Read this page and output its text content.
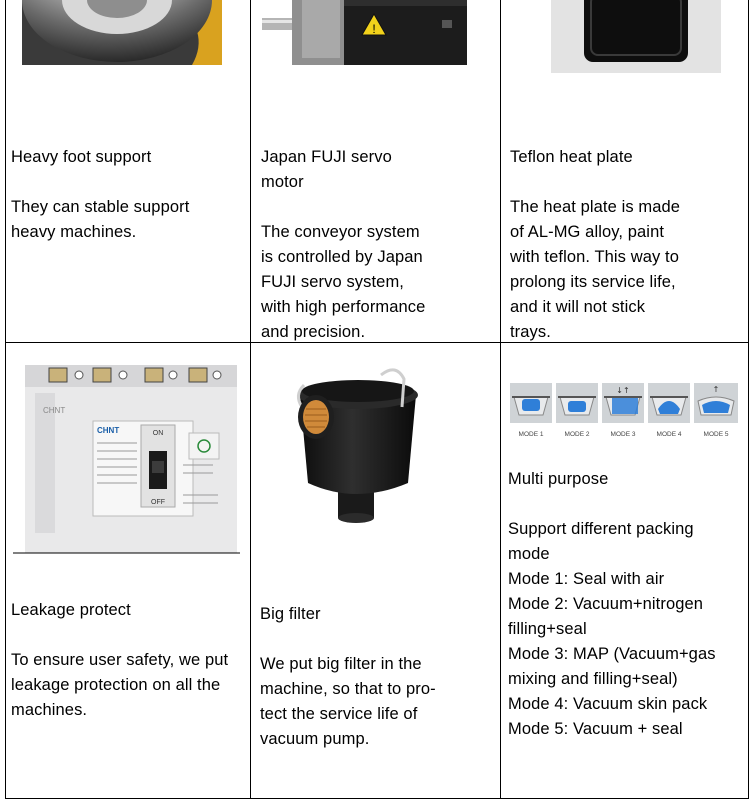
!

Heavy foot support

They can stable support
heavy machines.

Japan FUJI servo
motor

The conveyor system
is controlled by Japan
FUJI servo system,
with high performance
and precision.

Teflon heat plate

The heat plate is made
of AL-MG alloy, paint
with teflon. This way to
prolong its service life,
and it will not stick
trays.

CHNT
CHNT	ON
OFF
↓↑	↑
MODE 1	MODE 2	MODE 3	MODE 4	MODE 5

Leakage protect

To ensure user safety, we put
leakage protection on all the
machines.

Big filter

We put big filter in the
machine, so that to pro-
tect the service life of
vacuum pump.

Multi purpose

Support different packing
mode
Mode 1: Seal with air
Mode 2: Vacuum+nitrogen
filling+seal
Mode 3: MAP (Vacuum+gas
mixing and filling+seal)
Mode 4: Vacuum skin pack
Mode 5: Vacuum + seal
